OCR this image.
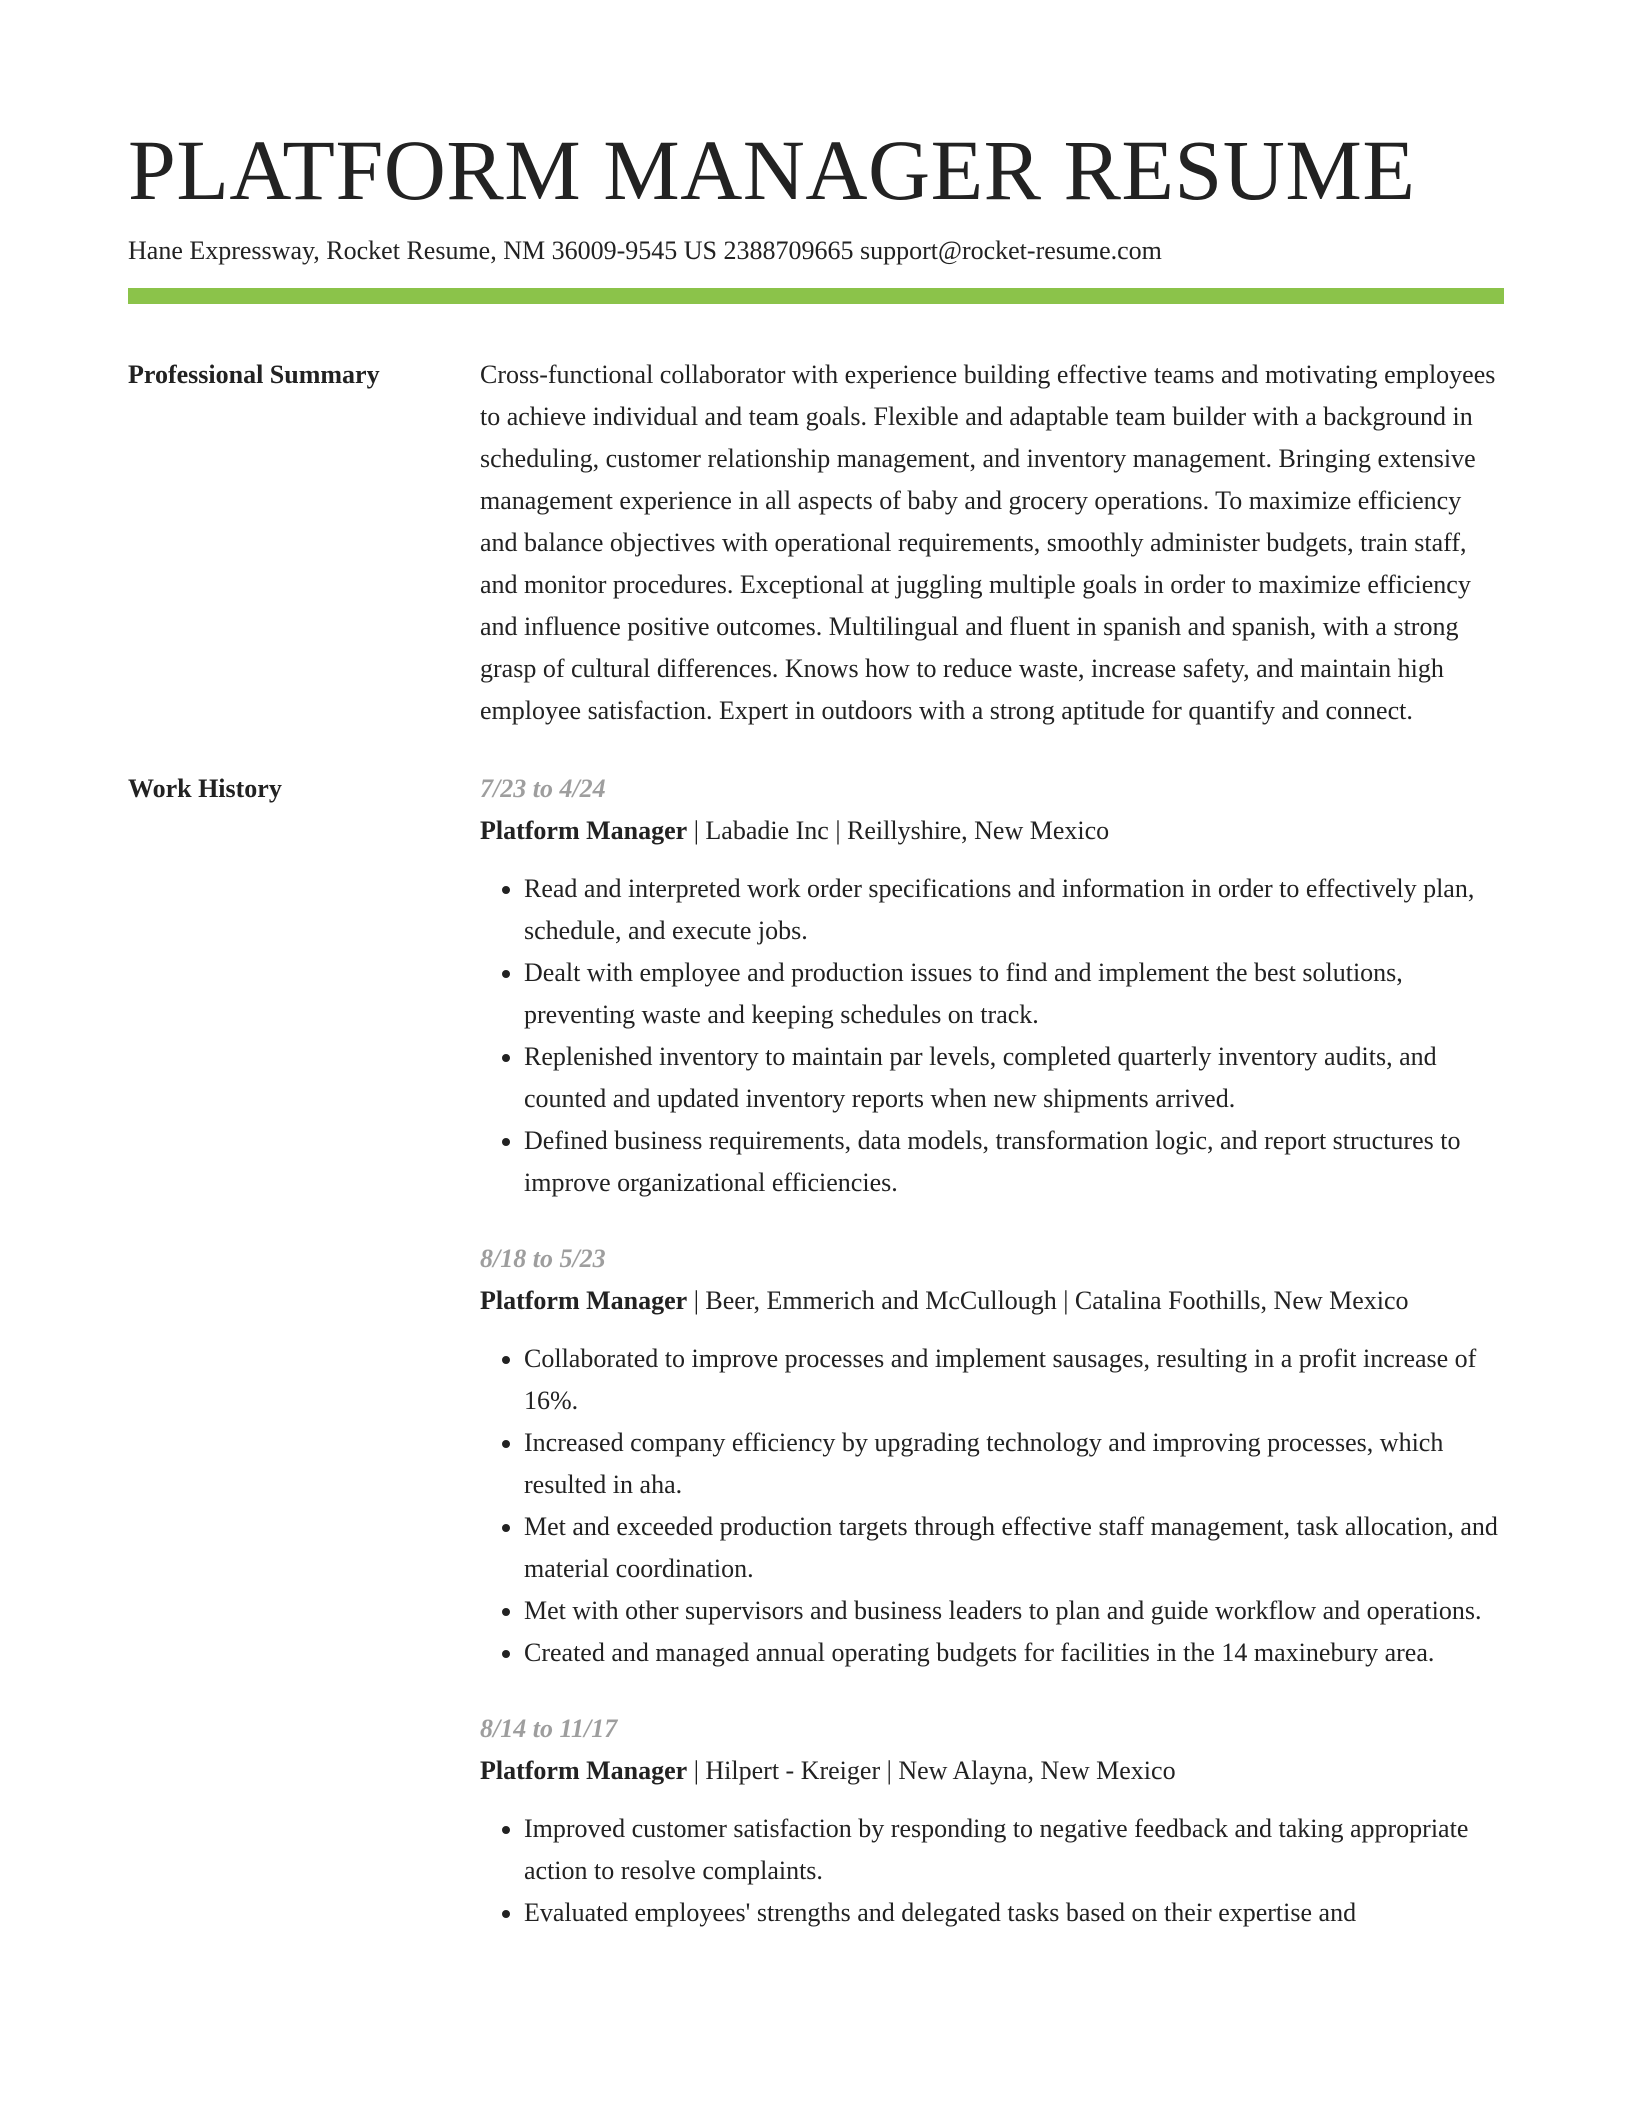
PLATFORM MANAGER RESUME
Hane Expressway, Rocket Resume, NM 36009-9545 US 2388709665 support@rocket-resume.com
Professional Summary	Cross-functional collaborator with experience building effective teams and motivating employees to achieve individual and team goals. Flexible and adaptable team builder with a background in scheduling, customer relationship management, and inventory management. Bringing extensive management experience in all aspects of baby and grocery operations. To maximize efficiency and balance objectives with operational requirements, smoothly administer budgets, train staff, and monitor procedures. Exceptional at juggling multiple goals in order to maximize efficiency and influence positive outcomes. Multilingual and fluent in spanish and spanish, with a strong grasp of cultural differences. Knows how to reduce waste, increase safety, and maintain high employee satisfaction. Expert in outdoors with a strong aptitude for quantify and connect.

Work History	7/23 to 4/24
Platform Manager | Labadie Inc | Reillyshire, New Mexico
• Read and interpreted work order specifications and information in order to effectively plan, schedule, and execute jobs.
• Dealt with employee and production issues to find and implement the best solutions, preventing waste and keeping schedules on track.
• Replenished inventory to maintain par levels, completed quarterly inventory audits, and counted and updated inventory reports when new shipments arrived.
• Defined business requirements, data models, transformation logic, and report structures to improve organizational efficiencies.
8/18 to 5/23
Platform Manager | Beer, Emmerich and McCullough | Catalina Foothills, New Mexico
• Collaborated to improve processes and implement sausages, resulting in a profit increase of 16%.
• Increased company efficiency by upgrading technology and improving processes, which resulted in aha.
• Met and exceeded production targets through effective staff management, task allocation, and material coordination.
• Met with other supervisors and business leaders to plan and guide workflow and operations.
• Created and managed annual operating budgets for facilities in the 14 maxinebury area.
8/14 to 11/17
Platform Manager | Hilpert - Kreiger | New Alayna, New Mexico
• Improved customer satisfaction by responding to negative feedback and taking appropriate action to resolve complaints.
• Evaluated employees' strengths and delegated tasks based on their expertise and
